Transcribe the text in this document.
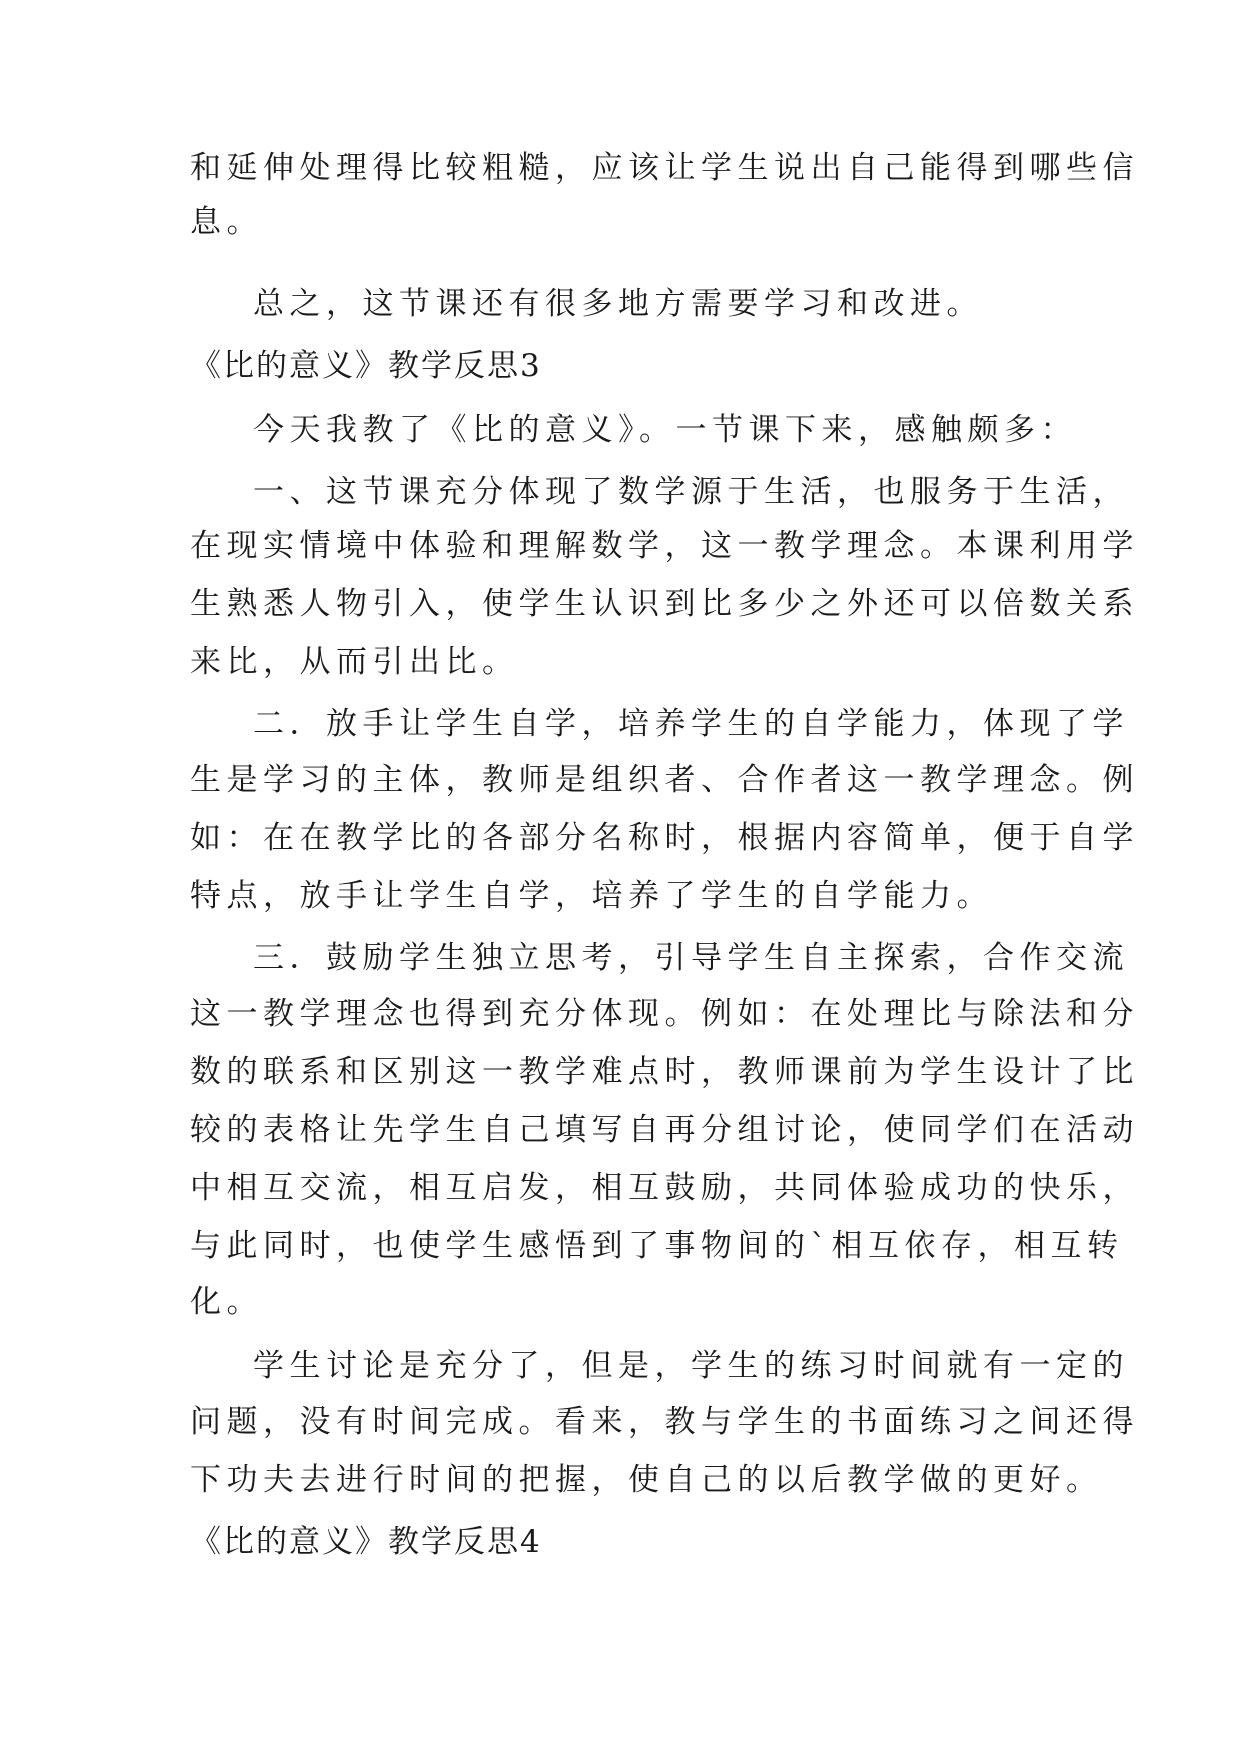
和延伸处理得比较粗糙，应该让学生说出自己能得到哪些信
息。
总之，这节课还有很多地方需要学习和改进。
《比的意义》教学反思3
今天我教了《比的意义》。一节课下来，感触颇多：
一、这节课充分体现了数学源于生活，也服务于生活，
在现实情境中体验和理解数学，这一教学理念。本课利用学
生熟悉人物引入，使学生认识到比多少之外还可以倍数关系
来比，从而引出比。
二．放手让学生自学，培养学生的自学能力，体现了学
生是学习的主体，教师是组织者、合作者这一教学理念。例
如：在在教学比的各部分名称时，根据内容简单，便于自学
特点，放手让学生自学，培养了学生的自学能力。
三．鼓励学生独立思考，引导学生自主探索，合作交流
这一教学理念也得到充分体现。例如：在处理比与除法和分
数的联系和区别这一教学难点时，教师课前为学生设计了比
较的表格让先学生自己填写自再分组讨论，使同学们在活动
中相互交流，相互启发，相互鼓励，共同体验成功的快乐，
与此同时，也使学生感悟到了事物间的`相互依存，相互转
化。
学生讨论是充分了，但是，学生的练习时间就有一定的
问题，没有时间完成。看来，教与学生的书面练习之间还得
下功夫去进行时间的把握，使自己的以后教学做的更好。
《比的意义》教学反思4
